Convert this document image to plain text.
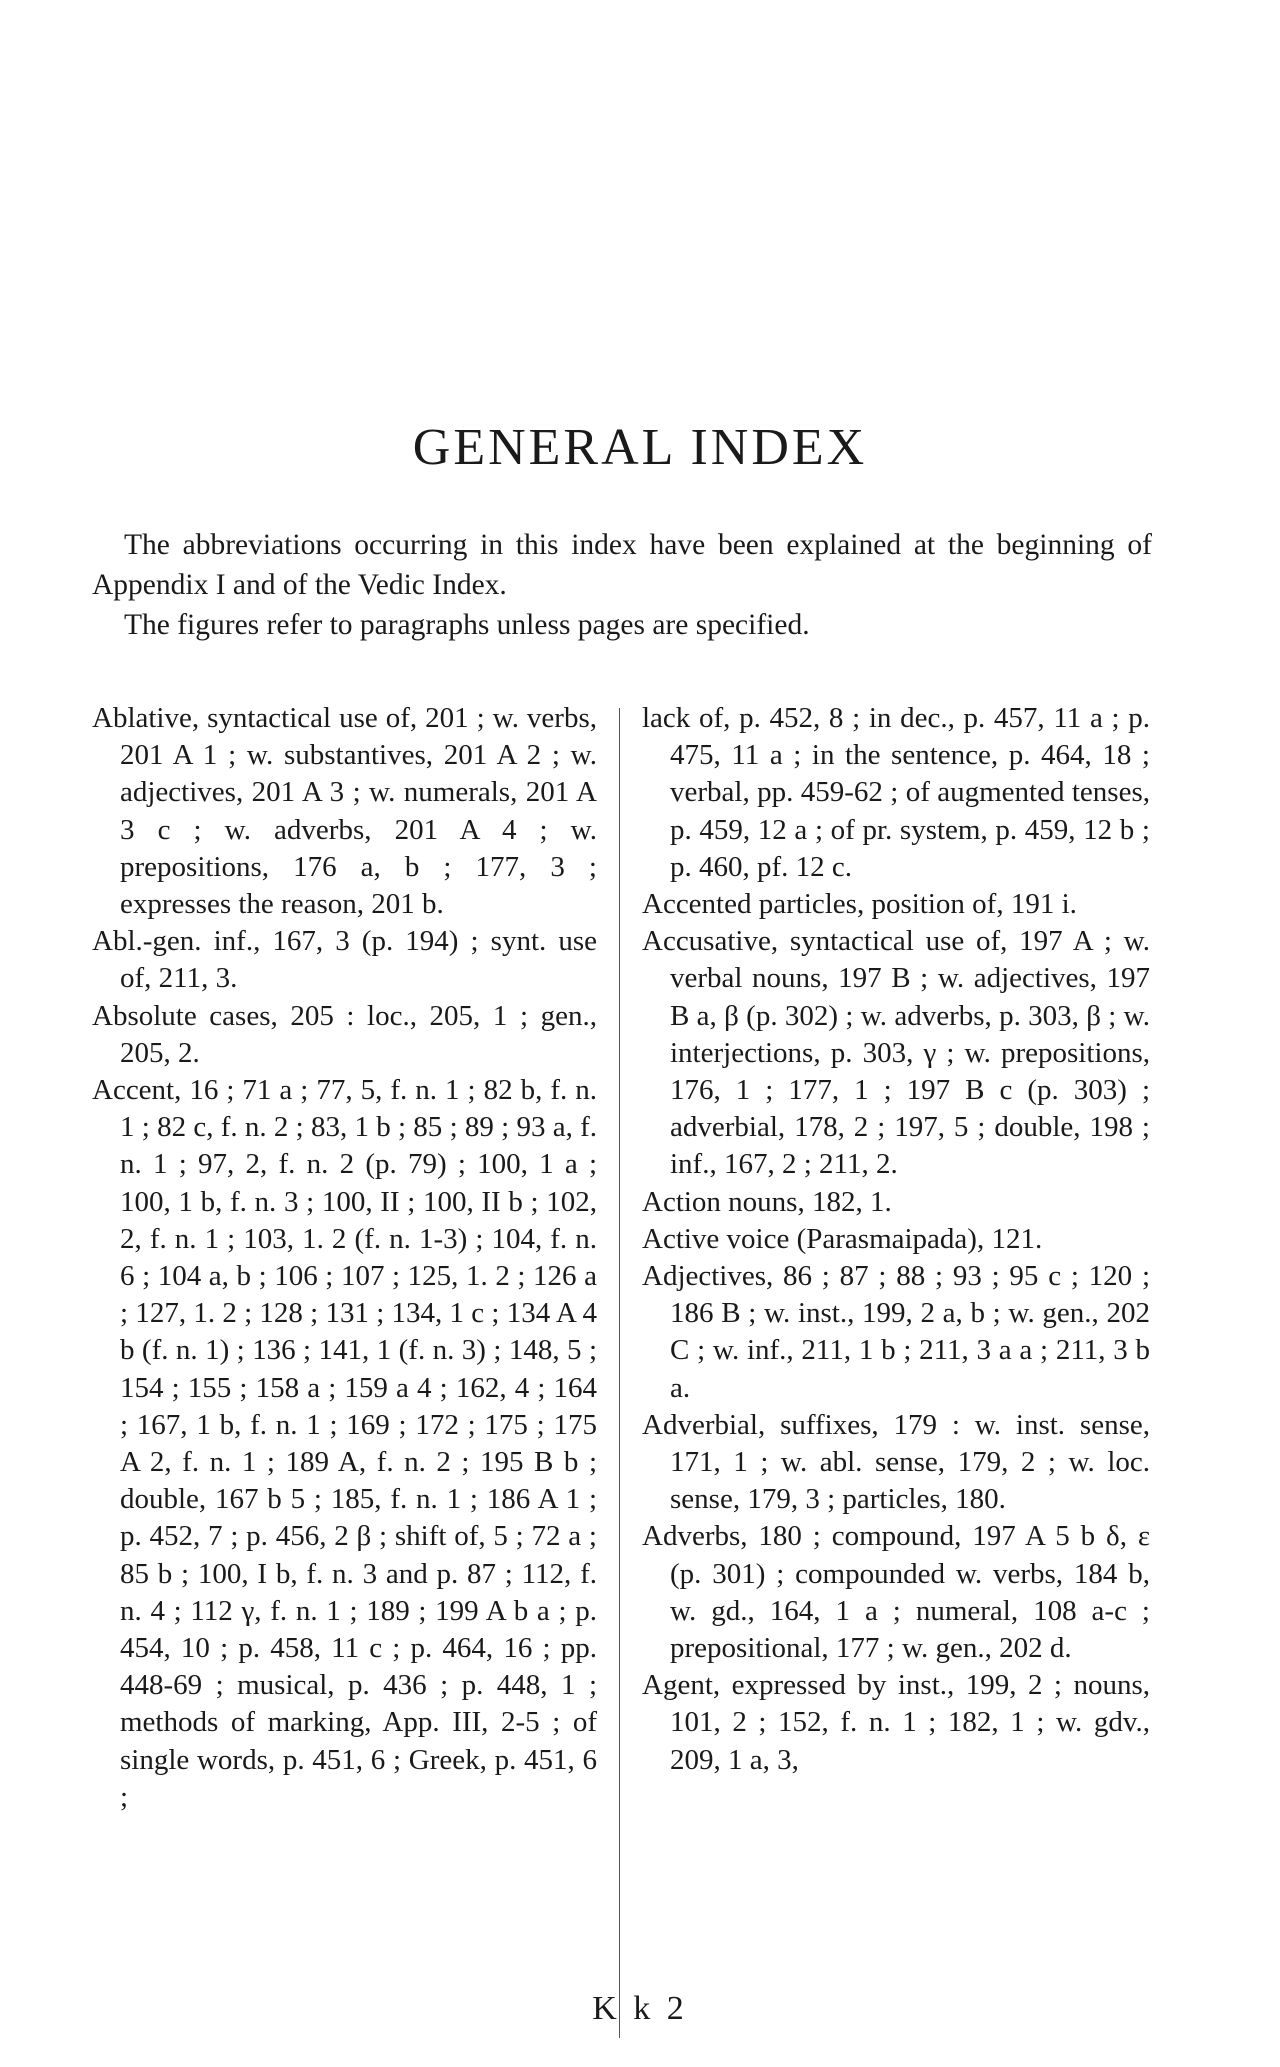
GENERAL INDEX

The abbreviations occurring in this index have been explained at the beginning of Appendix I and of the Vedic Index.

The figures refer to paragraphs unless pages are specified.

Ablative, syntactical use of, 201 ; w. verbs, 201 A 1 ; w. substantives, 201 A 2 ; w. adjectives, 201 A 3 ; w. numerals, 201 A 3 c ; w. adverbs, 201 A 4 ; w. prepositions, 176 a, b ; 177, 3 ; expresses the reason, 201 b.

Abl.-gen. inf., 167, 3 (p. 194) ; synt. use of, 211, 3.

Absolute cases, 205 : loc., 205, 1 ; gen., 205, 2.

Accent, 16 ; 71 a ; 77, 5, f. n. 1 ; 82 b, f. n. 1 ; 82 c, f. n. 2 ; 83, 1 b ; 85 ; 89 ; 93 a, f. n. 1 ; 97, 2, f. n. 2 (p. 79) ; 100, 1 a ; 100, 1 b, f. n. 3 ; 100, II ; 100, II b ; 102, 2, f. n. 1 ; 103, 1. 2 (f. n. 1-3) ; 104, f. n. 6 ; 104 a, b ; 106 ; 107 ; 125, 1. 2 ; 126 a ; 127, 1. 2 ; 128 ; 131 ; 134, 1 c ; 134 A 4 b (f. n. 1) ; 136 ; 141, 1 (f. n. 3) ; 148, 5 ; 154 ; 155 ; 158 a ; 159 a 4 ; 162, 4 ; 164 ; 167, 1 b, f. n. 1 ; 169 ; 172 ; 175 ; 175 A 2, f. n. 1 ; 189 A, f. n. 2 ; 195 B b ; double, 167 b 5 ; 185, f. n. 1 ; 186 A 1 ; p. 452, 7 ; p. 456, 2 β ; shift of, 5 ; 72 a ; 85 b ; 100, I b, f. n. 3 and p. 87 ; 112, f. n. 4 ; 112 γ, f. n. 1 ; 189 ; 199 A b a ; p. 454, 10 ; p. 458, 11 c ; p. 464, 16 ; pp. 448-69 ; musical, p. 436 ; p. 448, 1 ; methods of marking, App. III, 2-5 ; of single words, p. 451, 6 ; Greek, p. 451, 6 ;

lack of, p. 452, 8 ; in dec., p. 457, 11 a ; p. 475, 11 a ; in the sentence, p. 464, 18 ; verbal, pp. 459-62 ; of augmented tenses, p. 459, 12 a ; of pr. system, p. 459, 12 b ; p. 460, pf. 12 c.

Accented particles, position of, 191 i.

Accusative, syntactical use of, 197 A ; w. verbal nouns, 197 B ; w. adjectives, 197 B a, β (p. 302) ; w. adverbs, p. 303, β ; w. interjections, p. 303, γ ; w. prepositions, 176, 1 ; 177, 1 ; 197 B c (p. 303) ; adverbial, 178, 2 ; 197, 5 ; double, 198 ; inf., 167, 2 ; 211, 2.

Action nouns, 182, 1.

Active voice (Parasmaipada), 121.

Adjectives, 86 ; 87 ; 88 ; 93 ; 95 c ; 120 ; 186 B ; w. inst., 199, 2 a, b ; w. gen., 202 C ; w. inf., 211, 1 b ; 211, 3 a a ; 211, 3 b a.

Adverbial, suffixes, 179 : w. inst. sense, 171, 1 ; w. abl. sense, 179, 2 ; w. loc. sense, 179, 3 ; particles, 180.

Adverbs, 180 ; compound, 197 A 5 b δ, ε (p. 301) ; compounded w. verbs, 184 b, w. gd., 164, 1 a ; numeral, 108 a-c ; prepositional, 177 ; w. gen., 202 d.

Agent, expressed by inst., 199, 2 ; nouns, 101, 2 ; 152, f. n. 1 ; 182, 1 ; w. gdv., 209, 1 a, 3,

K k 2
